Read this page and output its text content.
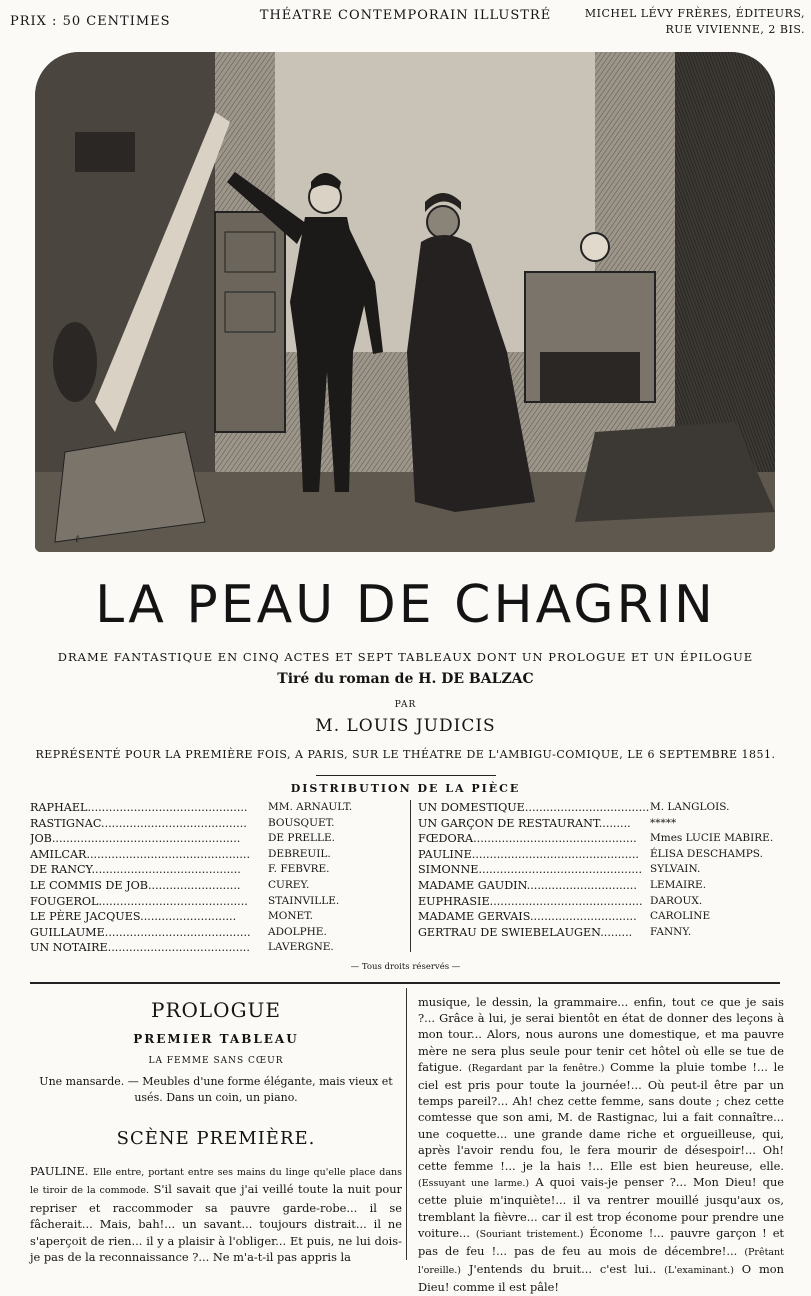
PRIX : 50 CENTIMES	THÉATRE CONTEMPORAIN ILLUSTRÉ	MICHEL LÉVY FRÈRES, ÉDITEURS,
RUE VIVIENNE, 2 BIS.
ℓ
LA PEAU DE CHAGRIN
DRAME FANTASTIQUE EN CINQ ACTES ET SEPT TABLEAUX DONT UN PROLOGUE ET UN ÉPILOGUE
Tiré du roman de H. DE BALZAC
PAR
M. LOUIS JUDICIS
REPRÉSENTÉ POUR LA PREMIÈRE FOIS, A PARIS, SUR LE THÉATRE DE L'AMBIGU-COMIQUE, LE 6 SEPTEMBRE 1851.
DISTRIBUTION DE LA PIÈCE
RAPHAEL............................................. MM. ARNAULT.
RASTIGNAC......................................... BOUSQUET.
JOB.....................................................	DE PRELLE.
AMILCAR.............................................. DEBREUIL.
DE RANCY..........................................	F. FEBVRE.
LE COMMIS DE JOB..........................	CUREY.
FOUGEROL.......................................... STAINVILLE.
LE PÈRE JACQUES...........................	MONET.
GUILLAUME......................................... ADOLPHE.
UN NOTAIRE........................................ LAVERGNE.
UN DOMESTIQUE................................... M. LANGLOIS.
UN GARÇON DE RESTAURANT......... *****
FŒDORA.............................................. Mmes LUCIE MABIRE.
PAULINE............................................... ÉLISA DESCHAMPS.
SIMONNE.............................................. SYLVAIN.
MADAME GAUDIN............................... LEMAIRE.
EUPHRASIE........................................... DAROUX.
MADAME GERVAIS.............................. CAROLINE
GERTRAU DE SWIEBELAUGEN......... FANNY.
— Tous droits réservés —
PROLOGUE
PREMIER TABLEAU
LA FEMME SANS CŒUR
Une mansarde. — Meubles d'une forme élégante, mais vieux et usés. Dans un coin, un piano.
SCÈNE PREMIÈRE.
PAULINE. Elle entre, portant entre ses mains du linge qu'elle place dans le tiroir de la commode. S'il savait que j'ai veillé toute la nuit pour repriser et raccommoder sa pauvre garde-robe... il se fâcherait... Mais, bah!... un savant... toujours distrait... il ne s'aperçoit de rien... il y a plaisir à l'obliger... Et puis, ne lui dois-je pas de la reconnaissance ?... Ne m'a-t-il pas appris la
musique, le dessin, la grammaire... enfin, tout ce que je sais ?... Grâce à lui, je serai bientôt en état de donner des leçons à mon tour... Alors, nous aurons une domestique, et ma pauvre mère ne sera plus seule pour tenir cet hôtel où elle se tue de fatigue. (Regardant par la fenêtre.) Comme la pluie tombe !... le ciel est pris pour toute la journée!... Où peut-il être par un temps pareil?... Ah! chez cette femme, sans doute ; chez cette comtesse que son ami, M. de Rastignac, lui a fait connaître... une coquette... une grande dame riche et orgueilleuse, qui, après l'avoir rendu fou, le fera mourir de désespoir!... Oh! cette femme !... je la hais !... Elle est bien heureuse, elle. (Essuyant une larme.) A quoi vais-je penser ?... Mon Dieu! que cette pluie m'inquiète!... il va rentrer mouillé jusqu'aux os, tremblant la fièvre... car il est trop économe pour prendre une voiture... (Souriant tristement.) Économe !... pauvre garçon ! et pas de feu !... pas de feu au mois de décembre!... (Prêtant l'oreille.) J'entends du bruit... c'est lui.. (L'examinant.) O mon Dieu! comme il est pâle!
